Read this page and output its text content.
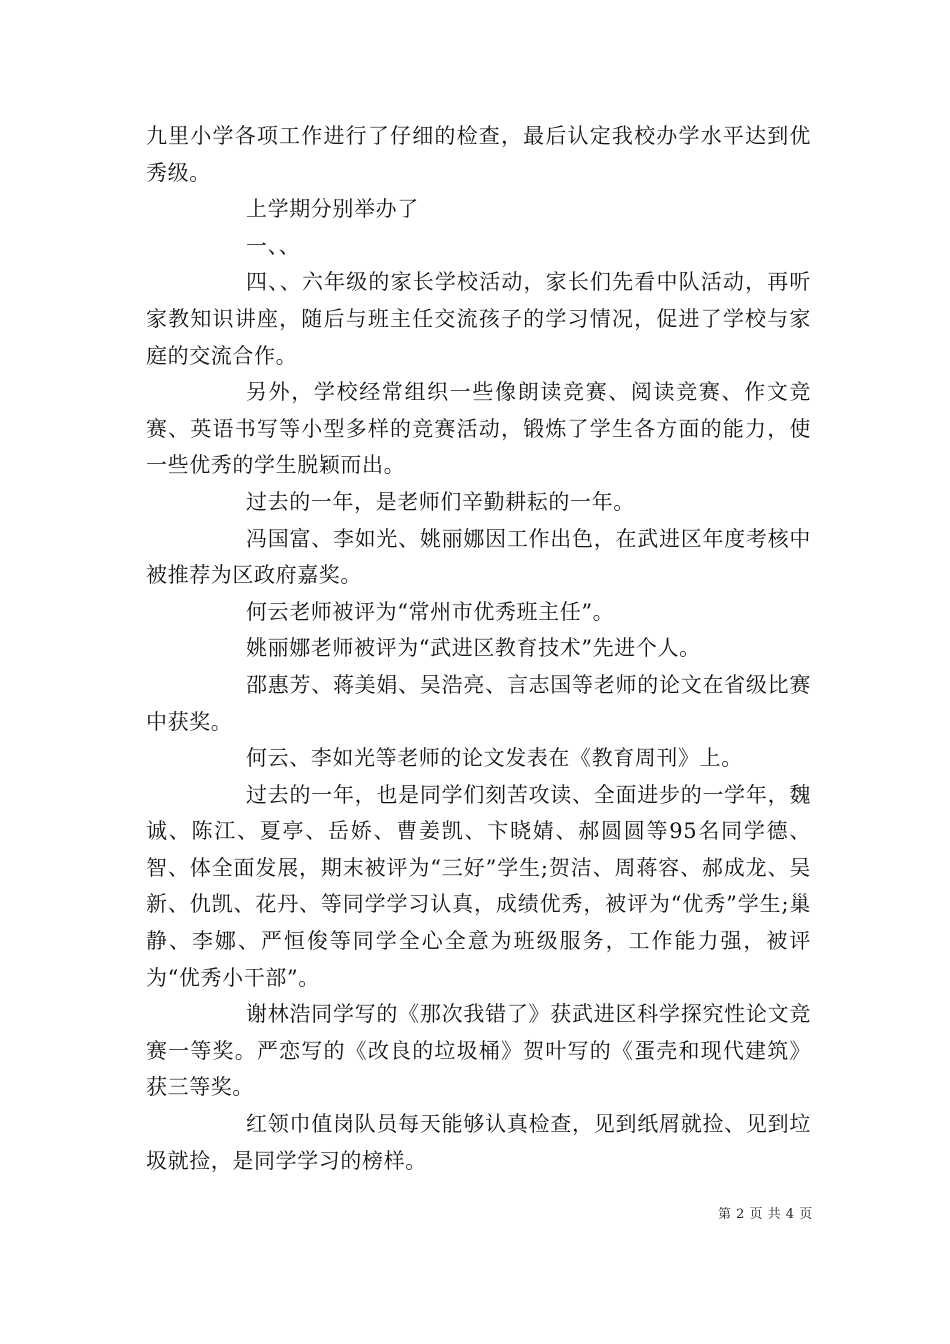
九里小学各项工作进行了仔细的检查，最后认定我校办学水平达到优秀级。

上学期分别举办了

一、、

四、、六年级的家长学校活动，家长们先看中队活动，再听家教知识讲座，随后与班主任交流孩子的学习情况，促进了学校与家庭的交流合作。

另外，学校经常组织一些像朗读竞赛、阅读竞赛、作文竞赛、英语书写等小型多样的竞赛活动，锻炼了学生各方面的能力，使一些优秀的学生脱颖而出。

过去的一年，是老师们辛勤耕耘的一年。

冯国富、李如光、姚丽娜因工作出色，在武进区年度考核中被推荐为区政府嘉奖。

何云老师被评为“常州市优秀班主任”。

姚丽娜老师被评为“武进区教育技术”先进个人。

邵惠芳、蒋美娟、吴浩亮、言志国等老师的论文在省级比赛中获奖。

何云、李如光等老师的论文发表在《教育周刊》上。

过去的一年，也是同学们刻苦攻读、全面进步的一学年，魏诚、陈江、夏亭、岳娇、曹姜凯、卞晓婧、郝圆圆等95名同学德、智、体全面发展，期末被评为“三好”学生;贺洁、周蒋容、郝成龙、吴新、仇凯、花丹、等同学学习认真，成绩优秀，被评为“优秀”学生;巢静、李娜、严恒俊等同学全心全意为班级服务，工作能力强，被评为“优秀小干部”。

谢林浩同学写的《那次我错了》获武进区科学探究性论文竞赛一等奖。严恋写的《改良的垃圾桶》贺叶写的《蛋壳和现代建筑》获三等奖。

红领巾值岗队员每天能够认真检查，见到纸屑就捡、见到垃圾就捡，是同学学习的榜样。

第 2 页 共 4 页
